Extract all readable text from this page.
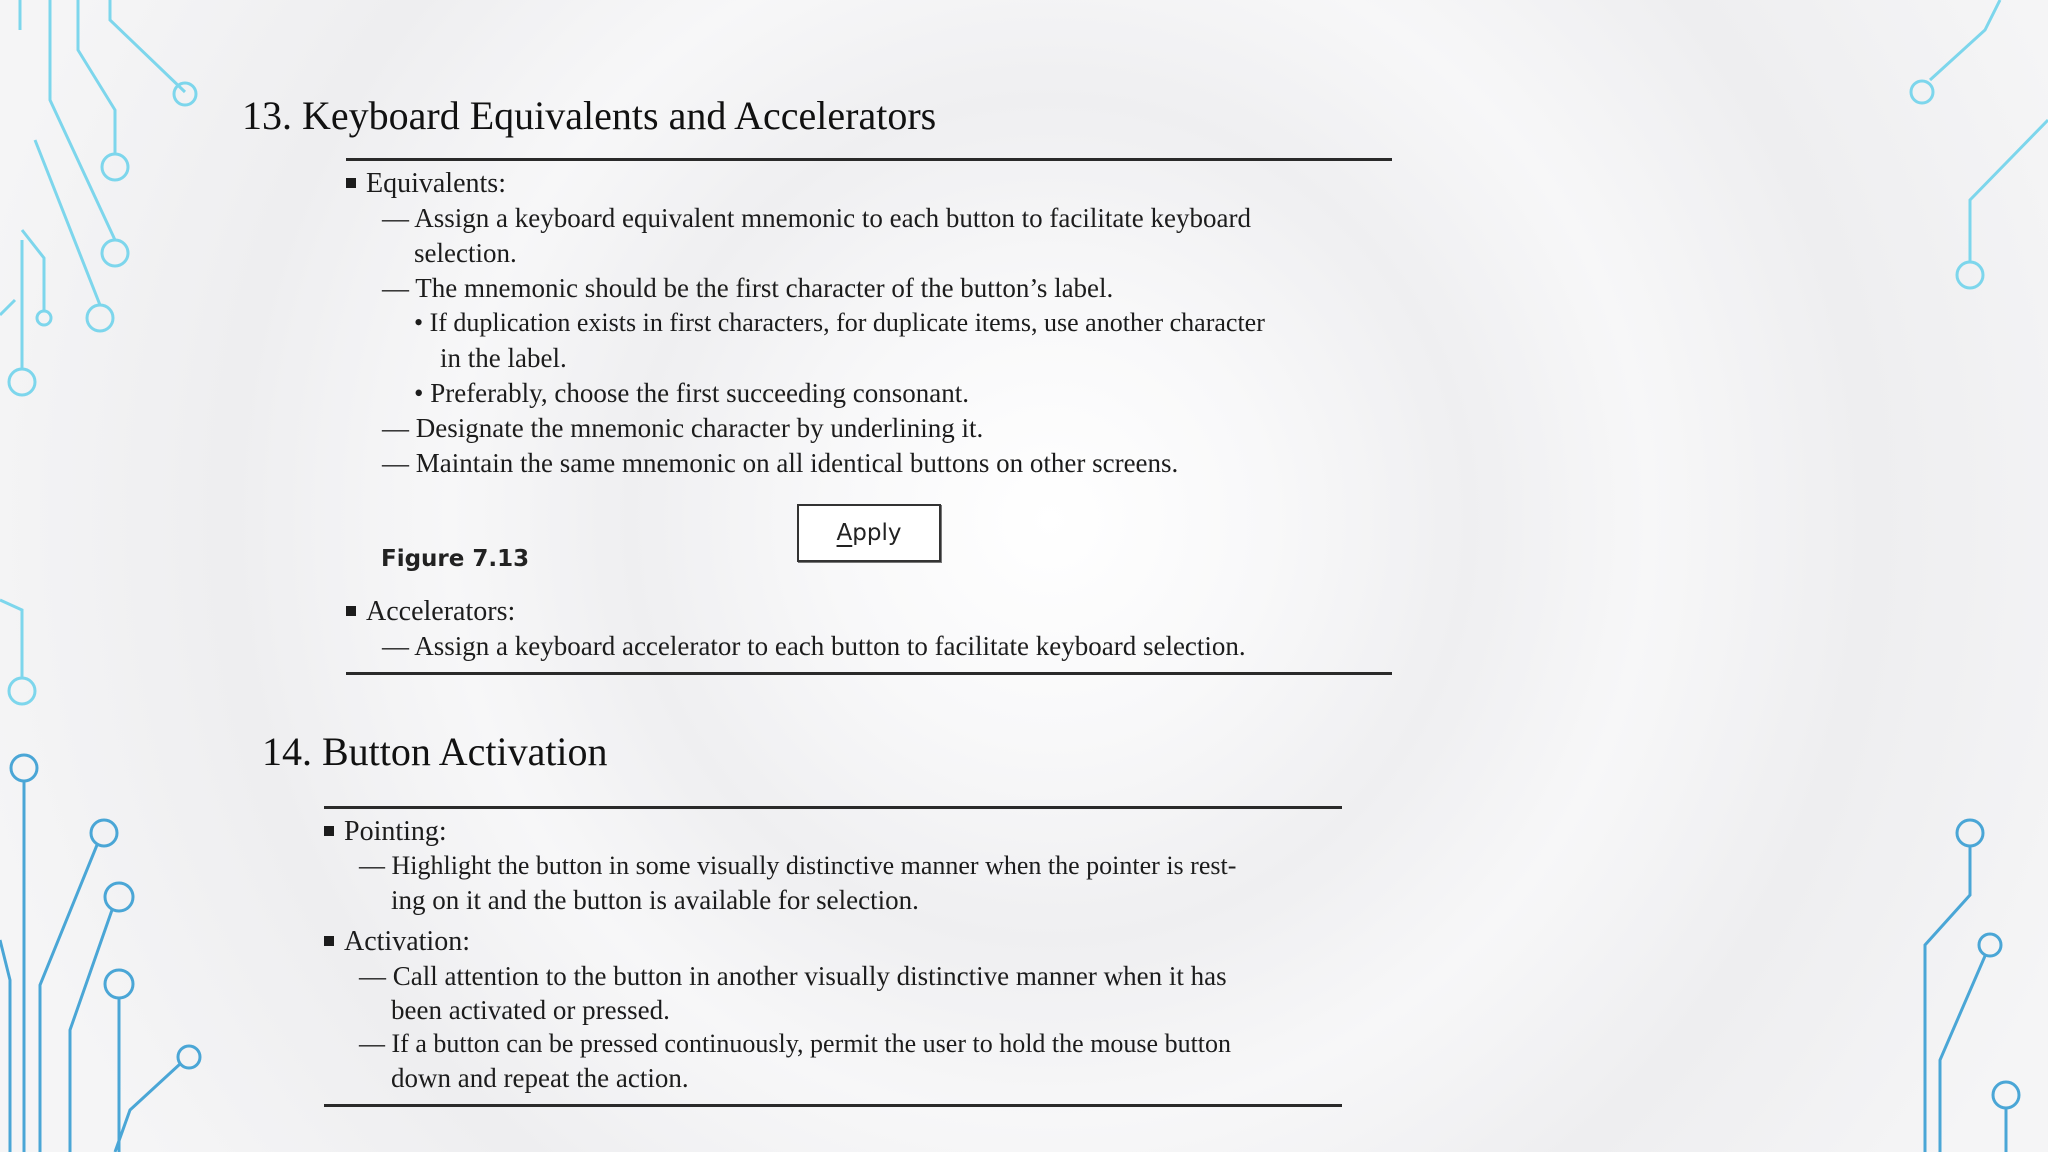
13. Keyboard Equivalents and Accelerators
Equivalents:
— Assign a keyboard equivalent mnemonic to each button to facilitate keyboard
selection.
— The mnemonic should be the first character of the button’s label.
• If duplication exists in first characters, for duplicate items, use another character
in the label.
• Preferably, choose the first succeeding consonant.
— Designate the mnemonic character by underlining it.
— Maintain the same mnemonic on all identical buttons on other screens.
Figure 7.13
A pply
Accelerators:
— Assign a keyboard accelerator to each button to facilitate keyboard selection.
14. Button Activation
Pointing:
— Highlight the button in some visually distinctive manner when the pointer is rest-
ing on it and the button is available for selection.
Activation:
— Call attention to the button in another visually distinctive manner when it has
been activated or pressed.
— If a button can be pressed continuously, permit the user to hold the mouse button
down and repeat the action.
